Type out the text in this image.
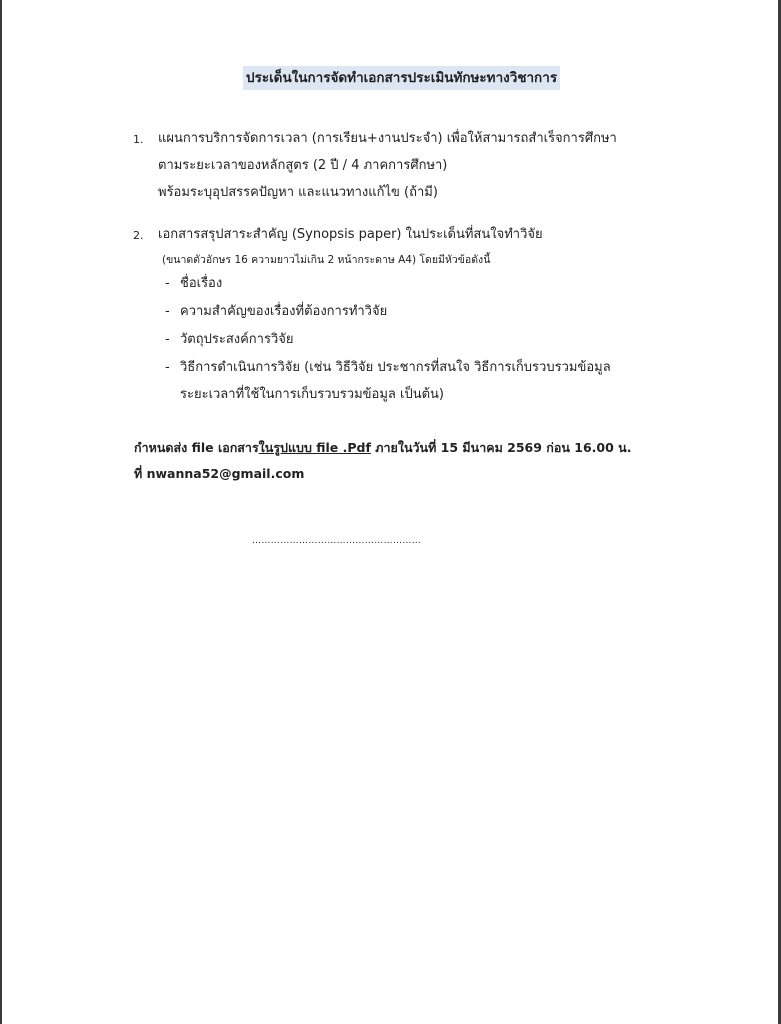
ประเด็นในการจัดทำเอกสารประเมินทักษะทางวิชาการ
1. แผนการบริการจัดการเวลา (การเรียน+งานประจำ) เพื่อให้สามารถสำเร็จการศึกษา
ตามระยะเวลาของหลักสูตร (2 ปี / 4 ภาคการศึกษา)
พร้อมระบุอุปสรรคปัญหา และแนวทางแก้ไข (ถ้ามี)
2. เอกสารสรุปสาระสำคัญ (Synopsis paper) ในประเด็นที่สนใจทำวิจัย
(ขนาดตัวอักษร 16 ความยาวไม่เกิน 2 หน้ากระดาษ A4) โดยมีหัวข้อดังนี้
- ชื่อเรื่อง
- ความสำคัญของเรื่องที่ต้องการทำวิจัย
- วัตถุประสงค์การวิจัย
- วิธีการดำเนินการวิจัย (เช่น วิธีวิจัย ประชากรที่สนใจ วิธีการเก็บรวบรวมข้อมูล
ระยะเวลาที่ใช้ในการเก็บรวบรวมข้อมูล เป็นต้น)
กำหนดส่ง file เอกสารในรูปแบบ file .Pdf ภายในวันที่ 15 มีนาคม 2569 ก่อน 16.00 น.
ที่ nwanna52@gmail.com
………………………………………………
